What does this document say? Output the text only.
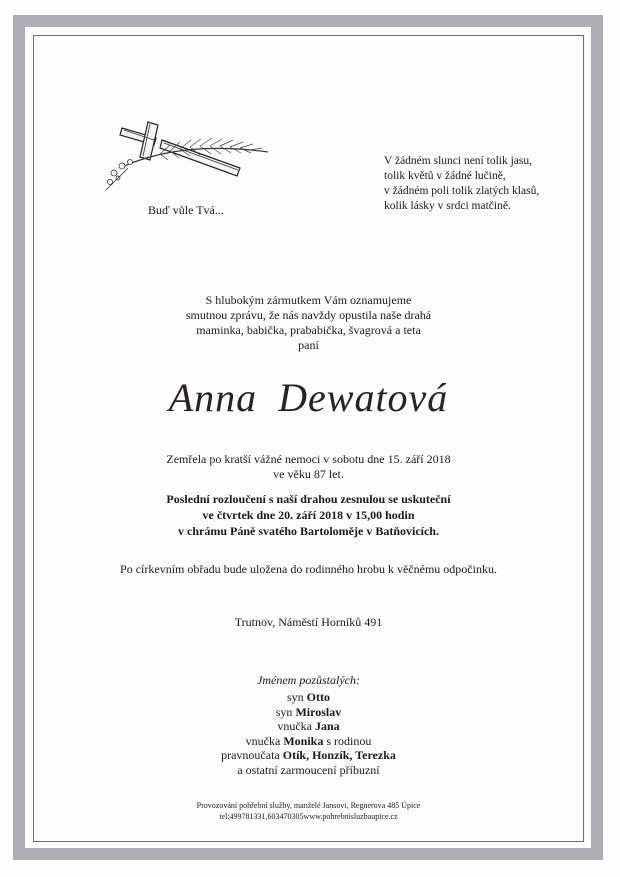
Buď vůle Tvá...
V žádném slunci není tolik jasu,
tolik květů v žádné lučině,
v žádném poli tolik zlatých klasů,
kolik lásky v srdci matčině.
S hlubokým zármutkem Vám oznamujeme
smutnou zprávu, že nás navždy opustila naše drahá
maminka, babička, prababička, švagrová a teta
paní
Anna Dewatová
Zemřela po kratší vážné nemoci v sobotu dne 15. září 2018
ve věku 87 let.
Poslední rozloučení s naší drahou zesnulou se uskuteční
ve čtvrtek dne 20. září 2018 v 15,00 hodin
v chrámu Páně svatého Bartoloměje v Batňovicích.
Po církevním obřadu bude uložena do rodinného hrobu k věčnému odpočinku.
Trutnov, Náměstí Horníků 491
Jménem pozůstalých:
syn Otto
syn Miroslav
vnučka Jana
vnučka Monika s rodinou
pravnoučata Otík, Honzík, Terezka
a ostatní zarmoucení příbuzní
Provozování pohřební služby, manželé Jansovi, Regnerova 485 Úpice
tel:499781331,603470305www.pohrebnisluzbaupice.cz
